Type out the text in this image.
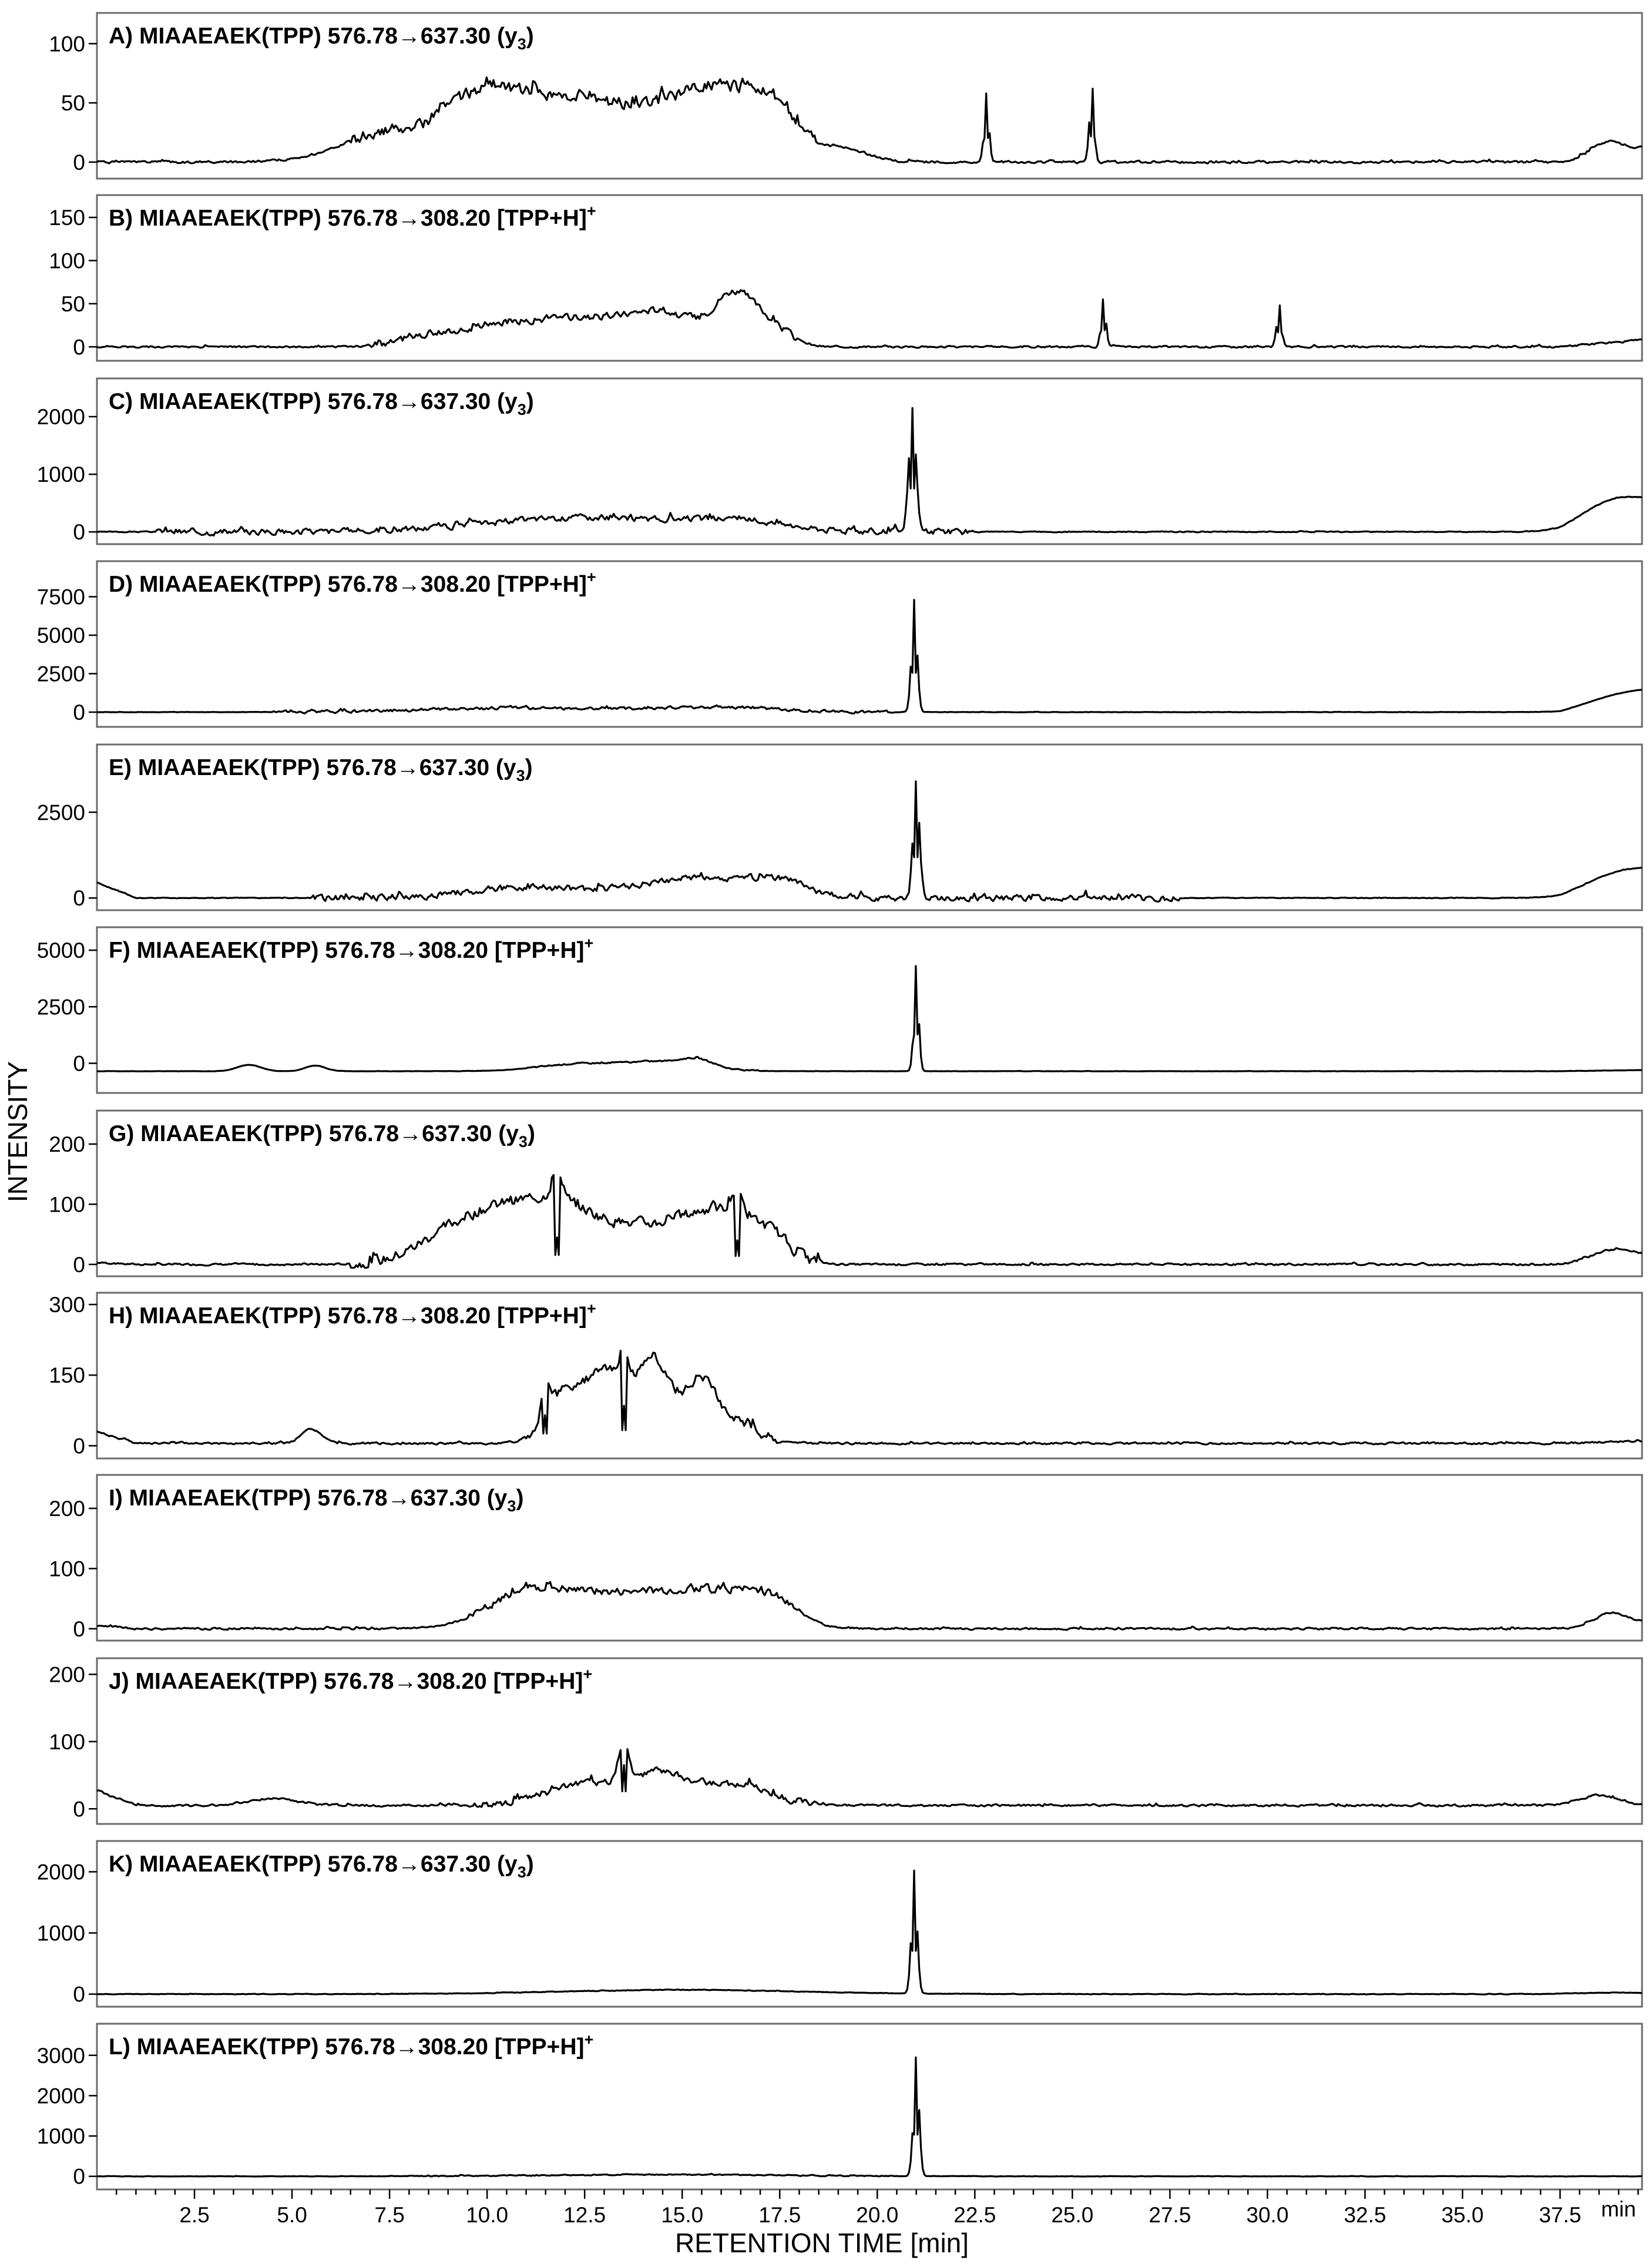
0
50
100 A) MIAAEAEK(TPP) 576.78→637.30 $(y_3)$
0
50
100
150 B) MIAAEAEK(TPP) 576.78→308.20 [TPP+H]+
0
1000
2000
C) MIAAEAEK(TPP) 576.78→637.30 $(y_3)$
0
2500
5000
7500
D) MIAAEAEK(TPP) 576.78→308.20 [TPP+H]+
0
2500
E) MIAAEAEK(TPP) 576.78→637.30 $(y_3)$
0
2500
5000 F) MIAAEAEK(TPP) 576.78→308.20 [TPP+H]+
0
100
200 G) MIAAEAEK(TPP) 576.78→637.30 $(y_3)$
0
150
300 H) MIAAEAEK(TPP) 576.78→308.20 [TPP+H]+
0
100
200 I) MIAAEAEK(TPP) 576.78→637.30 $(y_3)$
0
100
200 J) MIAAEAEK(TPP) 576.78→308.20 [TPP+H]+
0
1000
2000 K) MIAAEAEK(TPP) 576.78→637.30 $(y_3)$
0
1000
2000
3000 L) MIAAEAEK(TPP) 576.78→308.20 [TPP+H]+
2.5	5.0	7.5	10.0	12.5	15.0	17.5	20.0	22.5	25.0	27.5	30.0	32.5	35.0	37.5
INTENSITY
RETENTION TIME [min]
min
